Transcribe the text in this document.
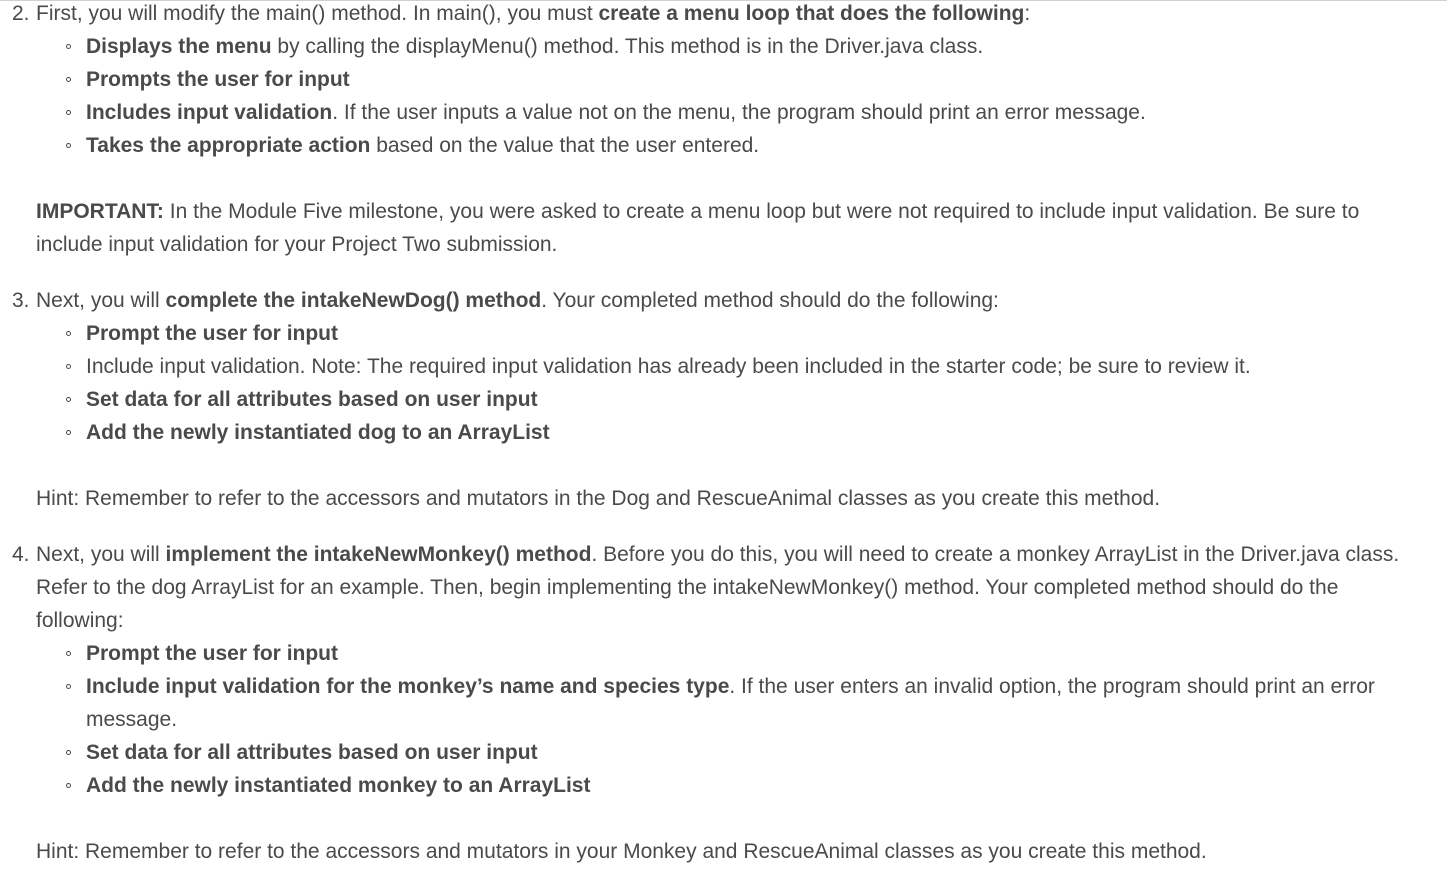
2. First, you will modify the main() method. In main(), you must create a menu loop that does the following:
Displays the menu by calling the displayMenu() method. This method is in the Driver.java class.
Prompts the user for input
Includes input validation. If the user inputs a value not on the menu, the program should print an error message.
Takes the appropriate action based on the value that the user entered.
IMPORTANT: In the Module Five milestone, you were asked to create a menu loop but were not required to include input validation. Be sure to include input validation for your Project Two submission.
3. Next, you will complete the intakeNewDog() method. Your completed method should do the following:
Prompt the user for input
Include input validation. Note: The required input validation has already been included in the starter code; be sure to review it.
Set data for all attributes based on user input
Add the newly instantiated dog to an ArrayList
Hint: Remember to refer to the accessors and mutators in the Dog and RescueAnimal classes as you create this method.
4. Next, you will implement the intakeNewMonkey() method. Before you do this, you will need to create a monkey ArrayList in the Driver.java class. Refer to the dog ArrayList for an example. Then, begin implementing the intakeNewMonkey() method. Your completed method should do the following:
Prompt the user for input
Include input validation for the monkey’s name and species type. If the user enters an invalid option, the program should print an error message.
Set data for all attributes based on user input
Add the newly instantiated monkey to an ArrayList
Hint: Remember to refer to the accessors and mutators in your Monkey and RescueAnimal classes as you create this method.
